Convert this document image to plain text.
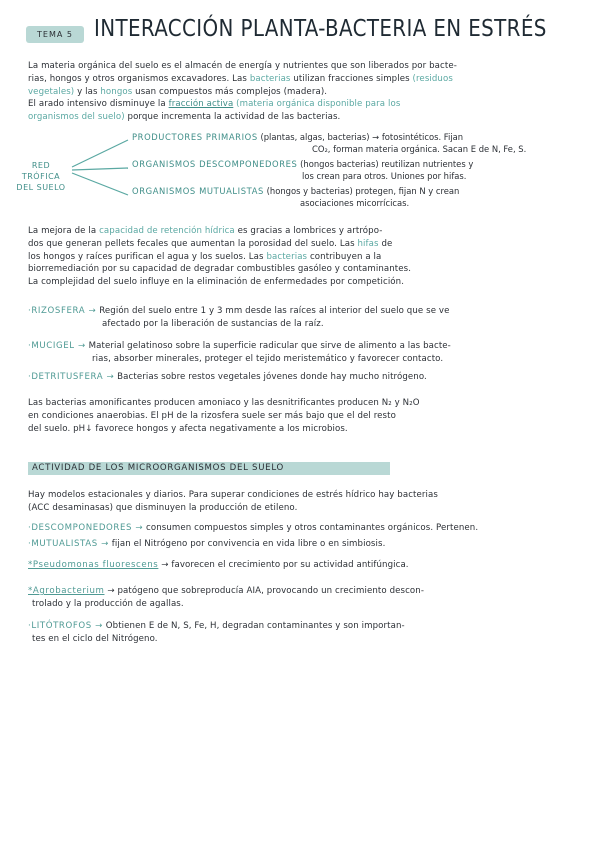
TEMA 5 INTERACCIÓN PLANTA-BACTERIA EN ESTRÉS
La materia orgánica del suelo es el almacén de energía y nutrientes que son liberados por bacte-
rias, hongos y otros organismos excavadores. Las bacterias utilizan fracciones simples (residuos
vegetales) y las hongos usan compuestos más complejos (madera).
El arado intensivo disminuye la fracción activa (materia orgánica disponible para los
organismos del suelo) porque incrementa la actividad de las bacterias.
RED TRÓFICA
DEL SUELO
PRODUCTORES PRIMARIOS (plantas, algas, bacterias) → fotosintéticos. Fijan
CO₂, forman materia orgánica. Sacan E de N, Fe, S.
ORGANISMOS DESCOMPONEDORES (hongos bacterias) reutilizan nutrientes y
los crean para otros. Uniones por hifas.
ORGANISMOS MUTUALISTAS (hongos y bacterias) protegen, fijan N y crean
asociaciones micorrícicas.
La mejora de la capacidad de retención hídrica es gracias a lombrices y artrópo-
dos que generan pellets fecales que aumentan la porosidad del suelo. Las hifas de
los hongos y raíces purifican el agua y los suelos. Las bacterias contribuyen a la
biorremediación por su capacidad de degradar combustibles gasóleo y contaminantes.
La complejidad del suelo influye en la eliminación de enfermedades por competición.
·RIZOSFERA → Región del suelo entre 1 y 3 mm desde las raíces al interior del suelo que se ve
afectado por la liberación de sustancias de la raíz.
·MUCIGEL → Material gelatinoso sobre la superficie radicular que sirve de alimento a las bacte-
rias, absorber minerales, proteger el tejido meristemático y favorecer contacto.
·DETRITUSFERA → Bacterias sobre restos vegetales jóvenes donde hay mucho nitrógeno.
Las bacterias amonificantes producen amoniaco y las desnitrificantes producen N₂ y N₂O
en condiciones anaerobias. El pH de la rizosfera suele ser más bajo que el del resto
del suelo. pH↓ favorece hongos y afecta negativamente a los microbios.
ACTIVIDAD DE LOS MICROORGANISMOS DEL SUELO
Hay modelos estacionales y diarios. Para superar condiciones de estrés hídrico hay bacterias
(ACC desaminasas) que disminuyen la producción de etileno.
·DESCOMPONEDORES → consumen compuestos simples y otros contaminantes orgánicos. Pertenen.
·MUTUALISTAS → fijan el Nitrógeno por convivencia en vida libre o en simbiosis.
*Pseudomonas fluorescens → favorecen el crecimiento por su actividad antifúngica.
*Agrobacterium → patógeno que sobreproducía AIA, provocando un crecimiento descon-
trolado y la producción de agallas.
·LITÓTROFOS → Obtienen E de N, S, Fe, H, degradan contaminantes y son importan-
tes en el ciclo del Nitrógeno.
